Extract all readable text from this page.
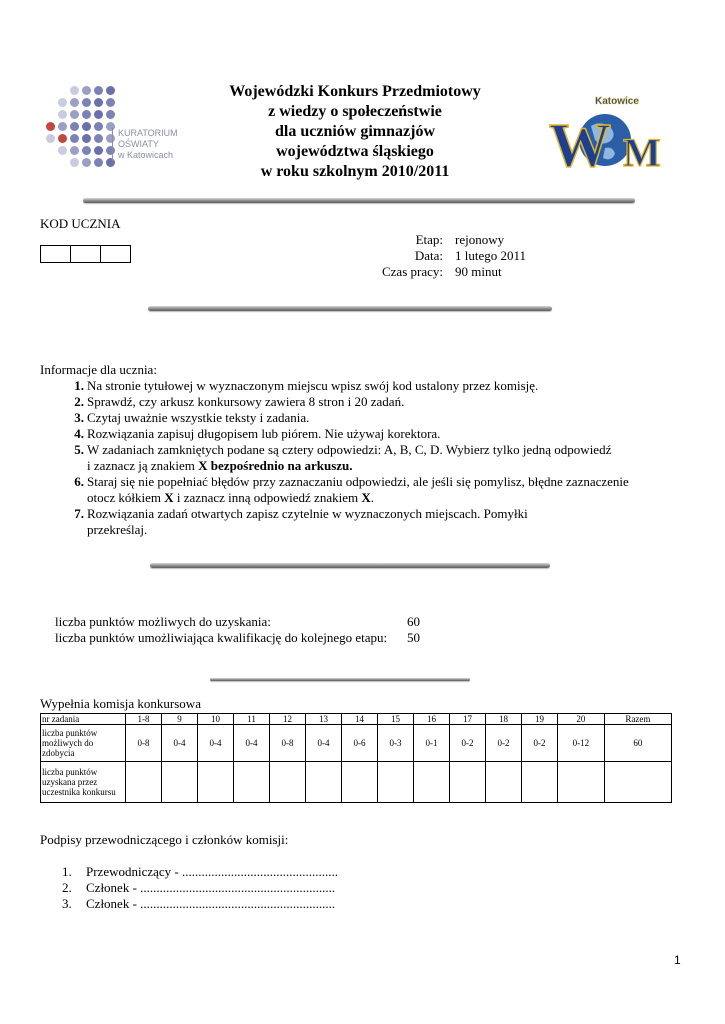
KURATORIUM
OŚWIATY
w Katowicach
Wojewódzki Konkurs Przedmiotowy
z wiedzy o społeczeństwie
dla uczniów gimnazjów
województwa śląskiego
w roku szkolnym 2010/2011	W M
Katowice
KOD UCZNIA
Etap: rejonowy
Data: 1 lutego 2011
Czas pracy: 90 minut
Informacje dla ucznia:
1. Na stronie tytułowej w wyznaczonym miejscu wpisz swój kod ustalony przez komisję.
2. Sprawdź, czy arkusz konkursowy zawiera 8 stron i 20 zadań.
3. Czytaj uważnie wszystkie teksty i zadania.
4. Rozwiązania zapisuj długopisem lub piórem. Nie używaj korektora.
5. W zadaniach zamkniętych podane są cztery odpowiedzi: A, B, C, D. Wybierz tylko jedną odpowiedź
i zaznacz ją znakiem X bezpośrednio na arkuszu.
6. Staraj się nie popełniać błędów przy zaznaczaniu odpowiedzi, ale jeśli się pomylisz, błędne zaznaczenie
otocz kółkiem X i zaznacz inną odpowiedź znakiem X.
7. Rozwiązania zadań otwartych zapisz czytelnie w wyznaczonych miejscach. Pomyłki
przekreślaj.
liczba punktów możliwych do uzyskania:	60
liczba punktów umożliwiająca kwalifikację do kolejnego etapu:	50
Wypełnia komisja konkursowa
nr zadania	1-8	9	10	11	12	13	14	15	16	17	18	19	20	Razem
liczba punktów możliwych do zdobycia	0-8	0-4	0-4	0-4	0-8	0-4	0-6	0-3	0-1	0-2	0-2	0-2	0-12	60
liczba punktów uzyskana przez uczestnika konkursu														
Podpisy przewodniczącego i członków komisji:
1.	Przewodniczący - ................................................
2.	Członek - ............................................................
3.	Członek - ............................................................
1
